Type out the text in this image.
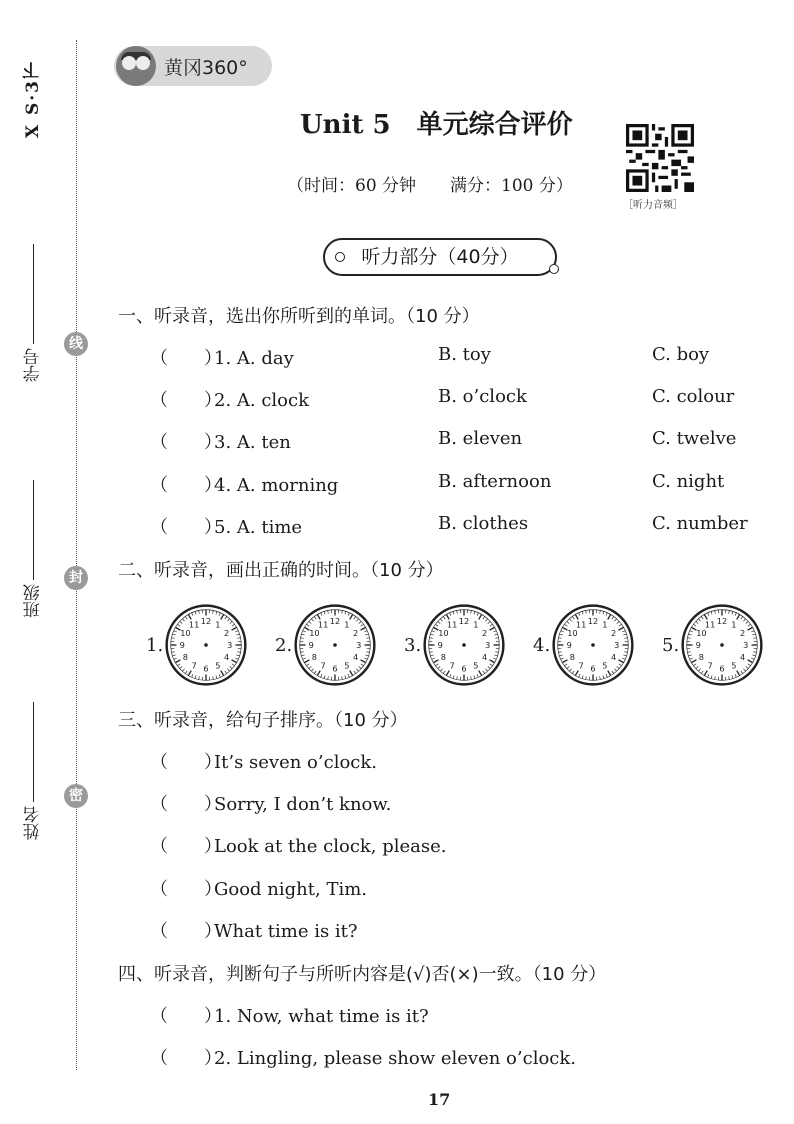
X S·3下
学号
班级
姓名
线
封
密
黄冈360°
Unit 5　单元综合评价
（时间：60 分钟　　满分：100 分）
［听力音频］
听力部分（40分）
一、听录音，选出你所听到的单词。（10 分）
（　　）1. A. day	B. toy	C. boy
（　　）2. A. clock	B. o’clock	C. colour
（　　）3. A. ten	B. eleven	C. twelve
（　　）4. A. morning	B. afternoon	C. night
（　　）5. A. time	B. clothes	C. number
二、听录音，画出正确的时间。（10 分）
1.
1
2
3
4
5
6
7
8
9
10
11 12
2.
1
2
3
4
5
6
7
8
9
10
11 12
3.
1
2
3
4
5
6
7
8
9
10
11 12
4.
1
2
3
4
5
6
7
8
9
10
11 12
5.
1
2
3
4
5
6
7
8
9
10
11 12
三、听录音，给句子排序。（10 分）
（　　）It’s seven o’clock.
（　　）Sorry, I don’t know.
（　　）Look at the clock, please.
（　　）Good night, Tim.
（　　）What time is it?
四、听录音，判断句子与所听内容是(√)否(×)一致。（10 分）
（　　）1. Now, what time is it?
（　　）2. Lingling, please show eleven o’clock.
17
